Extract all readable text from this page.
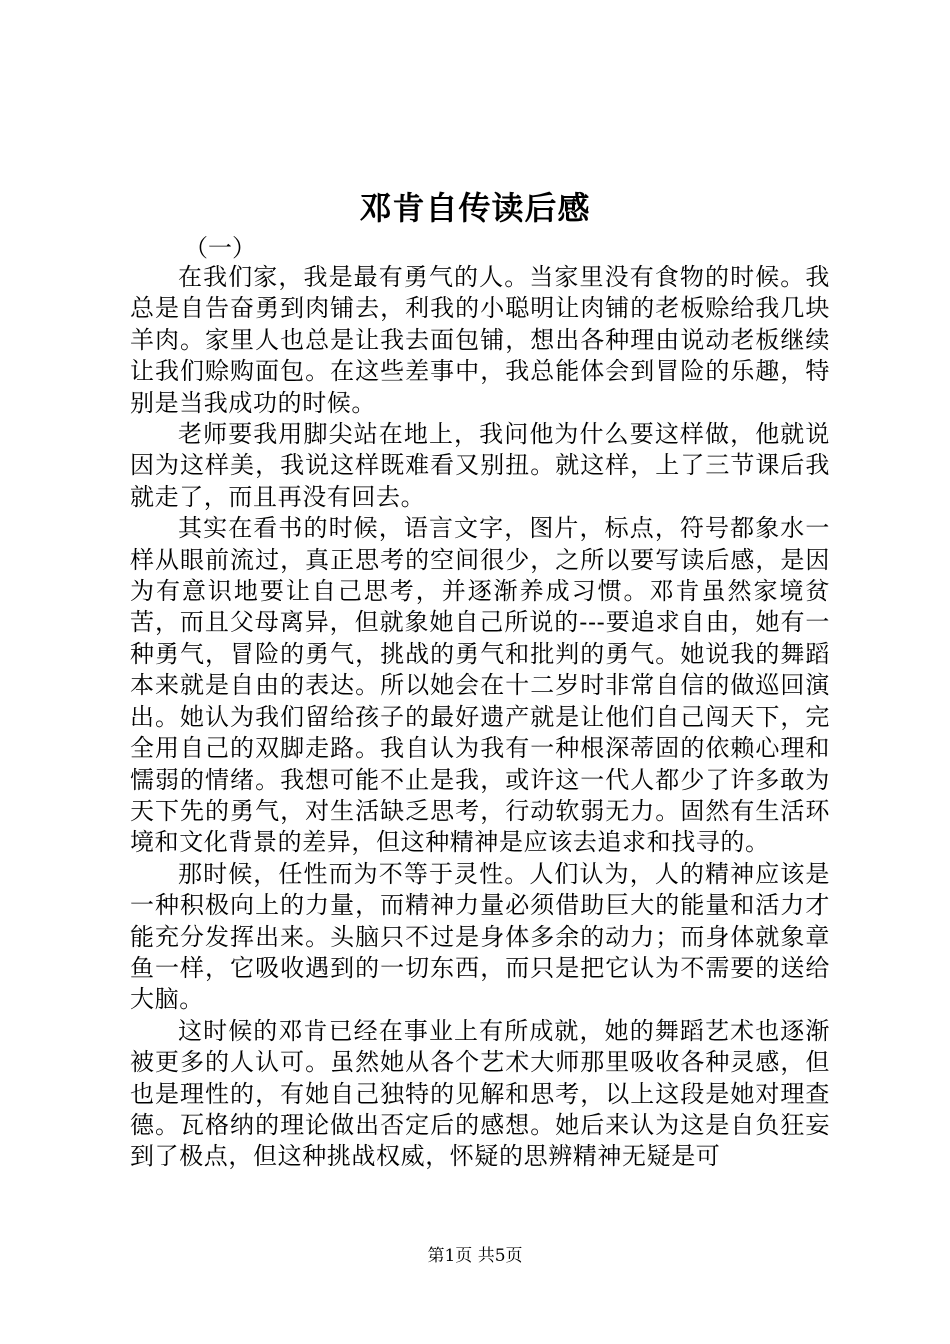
邓肯自传读后感
（一）

在我们家，我是最有勇气的人。当家里没有食物的时候。我总是自告奋勇到肉铺去，利我的小聪明让肉铺的老板赊给我几块羊肉。家里人也总是让我去面包铺，想出各种理由说动老板继续让我们赊购面包。在这些差事中，我总能体会到冒险的乐趣，特别是当我成功的时候。

老师要我用脚尖站在地上，我问他为什么要这样做，他就说因为这样美，我说这样既难看又别扭。就这样，上了三节课后我就走了，而且再没有回去。

其实在看书的时候，语言文字，图片，标点，符号都象水一样从眼前流过，真正思考的空间很少，之所以要写读后感，是因为有意识地要让自己思考，并逐渐养成习惯。邓肯虽然家境贫苦，而且父母离异，但就象她自己所说的---要追求自由，她有一种勇气，冒险的勇气，挑战的勇气和批判的勇气。她说我的舞蹈本来就是自由的表达。所以她会在十二岁时非常自信的做巡回演出。她认为我们留给孩子的最好遗产就是让他们自己闯天下，完全用自己的双脚走路。我自认为我有一种根深蒂固的依赖心理和懦弱的情绪。我想可能不止是我，或许这一代人都少了许多敢为天下先的勇气，对生活缺乏思考，行动软弱无力。固然有生活环境和文化背景的差异，但这种精神是应该去追求和找寻的。

那时候，任性而为不等于灵性。人们认为，人的精神应该是一种积极向上的力量，而精神力量必须借助巨大的能量和活力才能充分发挥出来。头脑只不过是身体多余的动力；而身体就象章鱼一样，它吸收遇到的一切东西，而只是把它认为不需要的送给大脑。

这时候的邓肯已经在事业上有所成就，她的舞蹈艺术也逐渐被更多的人认可。虽然她从各个艺术大师那里吸收各种灵感，但也是理性的，有她自己独特的见解和思考，以上这段是她对理查德。瓦格纳的理论做出否定后的感想。她后来认为这是自负狂妄到了极点，但这种挑战权威，怀疑的思辨精神无疑是可

第1页 共5页
